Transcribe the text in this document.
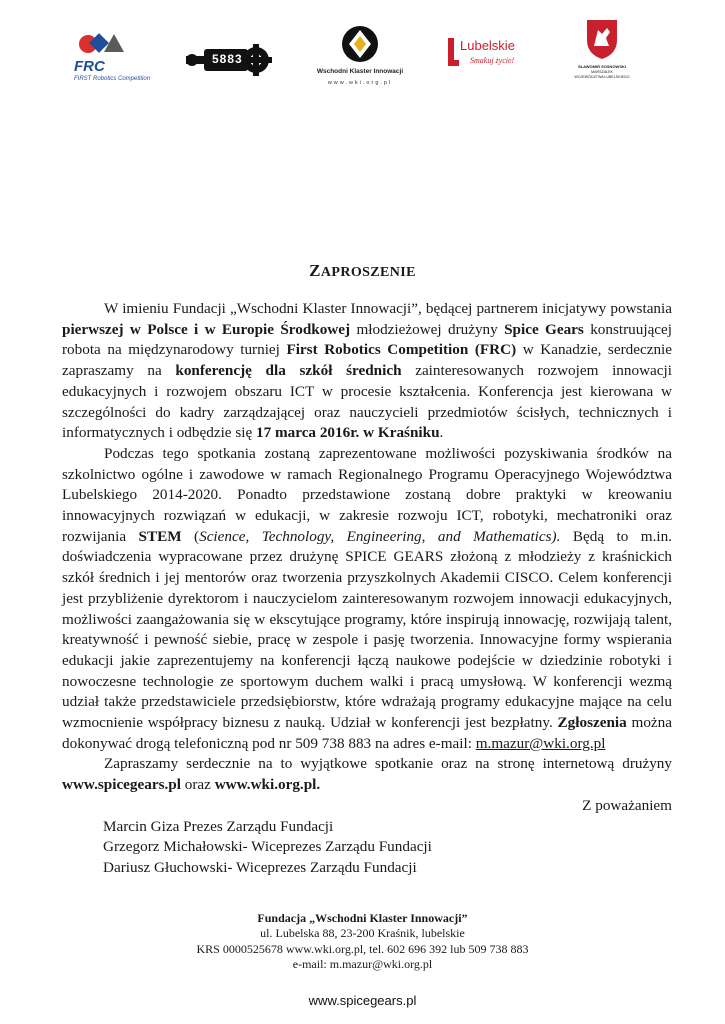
FRC
FIRST Robotics Competition
5883
Wschodni Klaster Innowacji
www.wki.org.pl
Lubelskie
Smakuj życie!
SŁAWOMIR SOSNOWSKI
MARSZAŁEK
WOJEWÓDZTWA LUBELSKIEGO
ZAPROSZENIE

W imieniu Fundacji „Wschodni Klaster Innowacji”, będącej partnerem inicjatywy powstania pierwszej w Polsce i w Europie Środkowej młodzieżowej drużyny Spice Gears konstruującej robota na międzynarodowy turniej First Robotics Competition (FRC) w Kanadzie, serdecznie zapraszamy na konferencję dla szkół średnich zainteresowanych rozwojem innowacji edukacyjnych i rozwojem obszaru ICT w procesie kształcenia. Konferencja jest kierowana w szczególności do kadry zarządzającej oraz nauczycieli przedmiotów ścisłych, technicznych i informatycznych i odbędzie się 17 marca 2016r. w Kraśniku.

Podczas tego spotkania zostaną zaprezentowane możliwości pozyskiwania środków na szkolnictwo ogólne i zawodowe w ramach Regionalnego Programu Operacyjnego Województwa Lubelskiego 2014-2020. Ponadto przedstawione zostaną dobre praktyki w kreowaniu innowacyjnych rozwiązań w edukacji, w zakresie rozwoju ICT, robotyki, mechatroniki oraz rozwijania STEM (Science, Technology, Engineering, and Mathematics). Będą to m.in. doświadczenia wypracowane przez drużynę SPICE GEARS złożoną z młodzieży z kraśnickich szkół średnich i jej mentorów oraz tworzenia przyszkolnych Akademii CISCO. Celem konferencji jest przybliżenie dyrektorom i nauczycielom zainteresowanym rozwojem innowacji edukacyjnych, możliwości zaangażowania się w ekscytujące programy, które inspirują innowację, rozwijają talent, kreatywność i pewność siebie, pracę w zespole i pasję tworzenia. Innowacyjne formy wspierania edukacji jakie zaprezentujemy na konferencji łączą naukowe podejście w dziedzinie robotyki i nowoczesne technologie ze sportowym duchem walki i pracą umysłową. W konferencji wezmą udział także przedstawiciele przedsiębiorstw, które wdrażają programy edukacyjne mające na celu wzmocnienie współpracy biznesu z nauką. Udział w konferencji jest bezpłatny. Zgłoszenia można dokonywać drogą telefoniczną pod nr 509 738 883 na adres e-mail: m.mazur@wki.org.pl

Zapraszamy serdecznie na to wyjątkowe spotkanie oraz na stronę internetową drużyny www.spicegears.pl oraz www.wki.org.pl.

Z poważaniem

Marcin Giza Prezes Zarządu Fundacji
Grzegorz Michałowski- Wiceprezes Zarządu Fundacji
Dariusz Głuchowski- Wiceprezes Zarządu Fundacji
Fundacja „Wschodni Klaster Innowacji”
ul. Lubelska 88, 23-200 Kraśnik, lubelskie
KRS 0000525678 www.wki.org.pl, tel. 602 696 392 lub 509 738 883
e-mail: m.mazur@wki.org.pl
www.spicegears.pl
